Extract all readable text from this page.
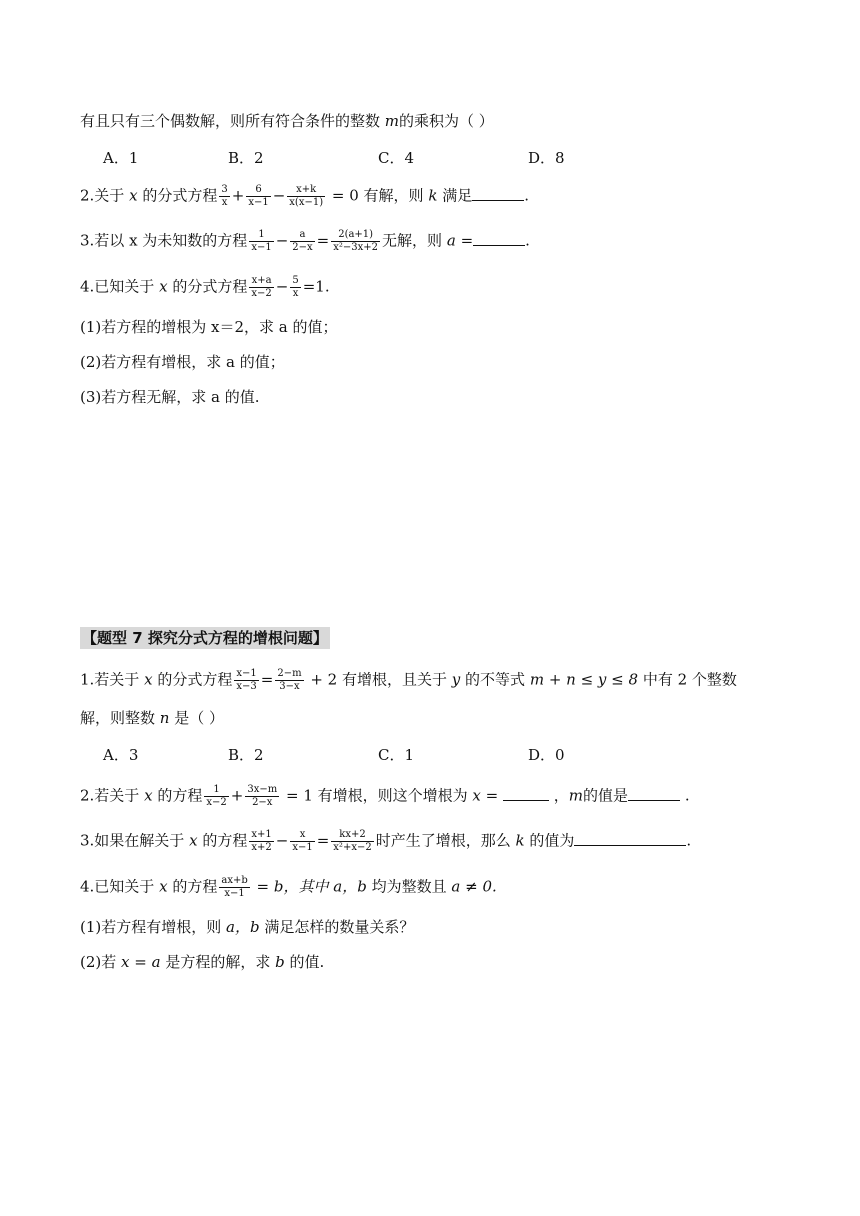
有且只有三个偶数解，则所有符合条件的整数 m的乘积为（ ）
A．1	B．2	C．4	D．8
2.关于 x 的分式方程 $\frac{3}{x} + \frac{6}{x-1} - \frac{x+k}{x(x-1)} = 0$ 有解，则 k 满足	.
3.若以 x 为未知数的方程 $\frac{1}{x-1} - \frac{a}{2-x} = \frac{2(a+1)}{\text{x²−3x+2}}$ 无解，则 a =	.
4.已知关于 x 的分式方程 $\frac{x+a}{x-2} - \frac{5}{x} =1$.
(1)若方程的增根为 x＝2，求 a 的值；
(2)若方程有增根，求 a 的值；
(3)若方程无解，求 a 的值.
【题型 7 探究分式方程的增根问题】
1.若关于 x 的分式方程 $\frac{x-1}{x-3} = \frac{2-m}{3-x} + 2$ 有增根，且关于 y 的不等式 m + n ≤ y ≤ 8 中有 2 个整数
解，则整数 n 是（ ）
A．3	B．2	C．1	D．0
2.若关于 x 的方程 $\frac{1}{x-2} + \frac{3x-m}{2-x} = 1$ 有增根，则这个增根为 x =	，m的值是	.
3.如果在解关于 x 的方程 $\frac{x+1}{x+2} - \frac{x}{x-1} = \frac{kx+2}{\text{x²+x−2}}$ 时产生了增根，那么 k 的值为	.
4.已知关于 x 的方程 $\frac{ax+b}{x-1} = b$，其中 a，b 均为整数且 a ≠ 0.
(1)若方程有增根，则 a，b 满足怎样的数量关系？
(2)若 x = a 是方程的解，求 b 的值.
